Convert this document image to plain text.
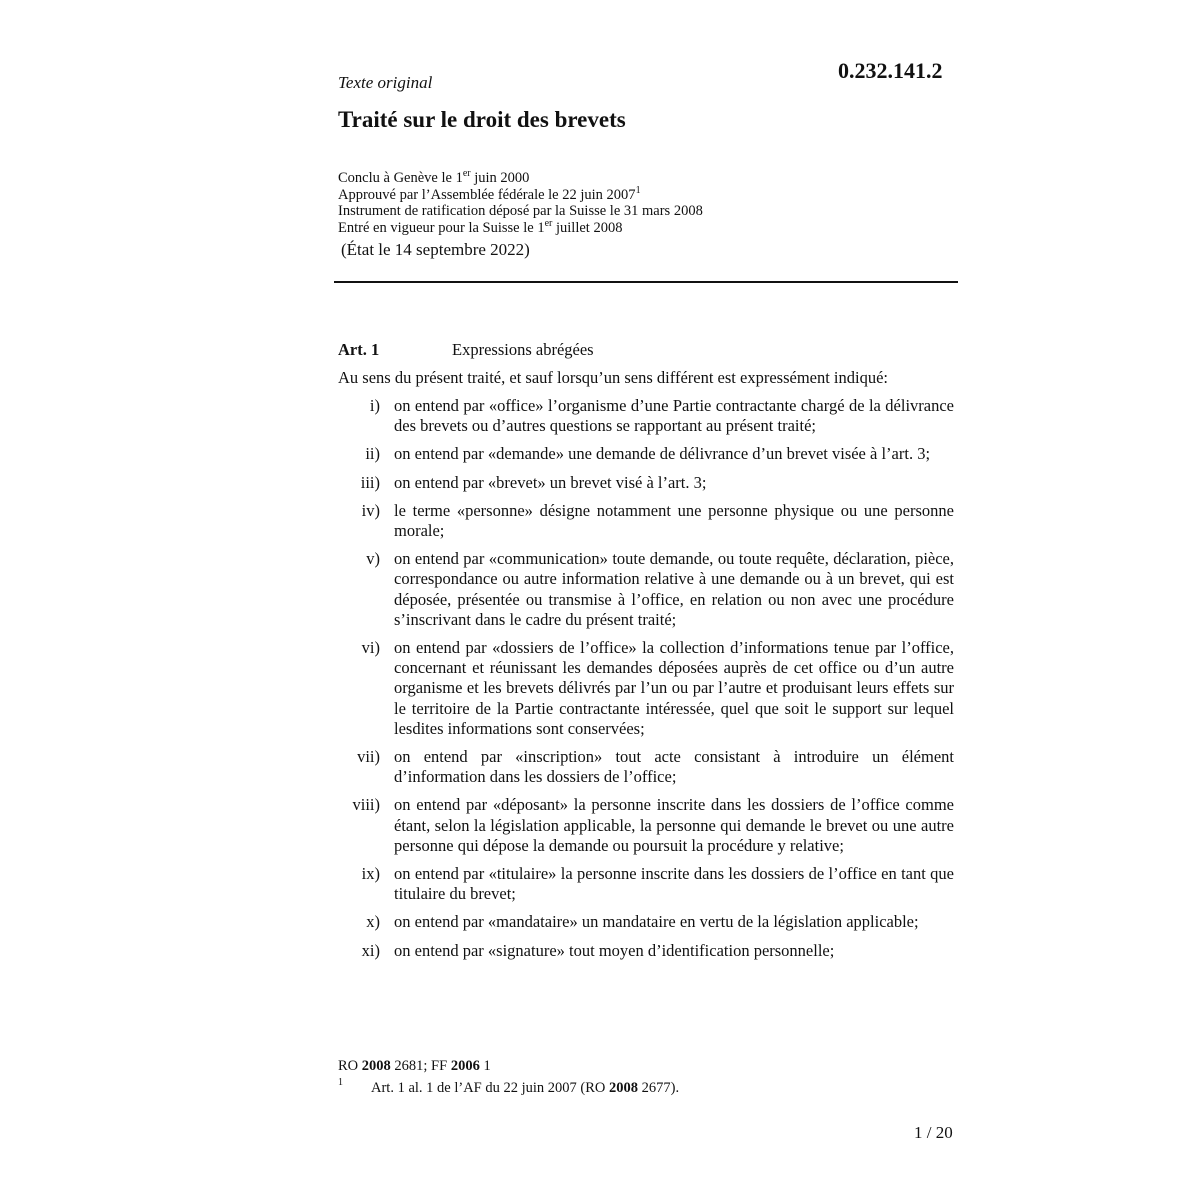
Texte original	0.232.141.2
Traité sur le droit des brevets
Conclu à Genève le 1er juin 2000
Approuvé par l’Assemblée fédérale le 22 juin 2007$^1$
Instrument de ratification déposé par la Suisse le 31 mars 2008
Entré en vigueur pour la Suisse le 1er juillet 2008
(État le 14 septembre 2022)
Art. 1	Expressions abrégées
Au sens du présent traité, et sauf lorsqu’un sens différent est expressément indiqué:
i) on entend par «office» l’organisme d’une Partie contractante chargé de la délivrance des brevets ou d’autres questions se rapportant au présent traité;
ii) on entend par «demande» une demande de délivrance d’un brevet visée à l’art. 3;
iii) on entend par «brevet» un brevet visé à l’art. 3;
iv) le terme «personne» désigne notamment une personne physique ou une personne morale;
v) on entend par «communication» toute demande, ou toute requête, déclaration, pièce, correspondance ou autre information relative à une demande ou à un brevet, qui est déposée, présentée ou transmise à l’office, en relation ou non avec une procédure s’inscrivant dans le cadre du présent traité;
vi) on entend par «dossiers de l’office» la collection d’informations tenue par l’office, concernant et réunissant les demandes déposées auprès de cet office ou d’un autre organisme et les brevets délivrés par l’un ou par l’autre et produisant leurs effets sur le territoire de la Partie contractante intéressée, quel que soit le support sur lequel lesdites informations sont conservées;
vii) on entend par «inscription» tout acte consistant à introduire un élément d’information dans les dossiers de l’office;
viii) on entend par «déposant» la personne inscrite dans les dossiers de l’office comme étant, selon la législation applicable, la personne qui demande le brevet ou une autre personne qui dépose la demande ou poursuit la procédure y relative;
ix) on entend par «titulaire» la personne inscrite dans les dossiers de l’office en tant que titulaire du brevet;
x) on entend par «mandataire» un mandataire en vertu de la législation applicable;
xi) on entend par «signature» tout moyen d’identification personnelle;
RO 2008 2681; FF 2006 1
1 Art. 1 al. 1 de l’AF du 22 juin 2007 (RO 2008 2677).
1 / 20
